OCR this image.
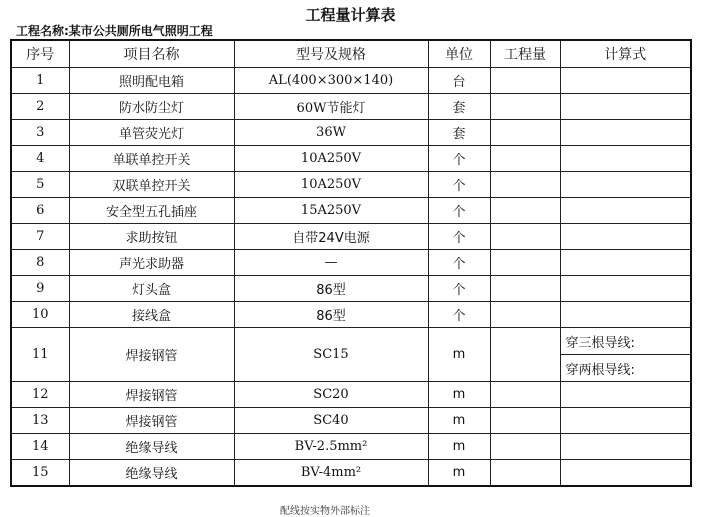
工程量计算表
工程名称:某市公共厕所电气照明工程
序号	项目名称	型号及规格	单位	工程量	计算式
1	照明配电箱	AL(400×300×140)	台		
2	防水防尘灯	60W节能灯	套		
3	单管荧光灯	36W	套		
4	单联单控开关	10A250V	个		
5	双联单控开关	10A250V	个		
6	安全型五孔插座	15A250V	个		
7	求助按钮	自带24V电源	个		
8	声光求助器	—	个		
9	灯头盒	86型	个		
10	接线盒	86型	个		
11	焊接钢管	SC15	m		穿三根导线:
					穿两根导线:
12	焊接钢管	SC20	m		
13	焊接钢管	SC40	m		
14	绝缘导线	BV-2.5mm²	m		
15	绝缘导线	BV-4mm²	m		
配线按实物外部标注
